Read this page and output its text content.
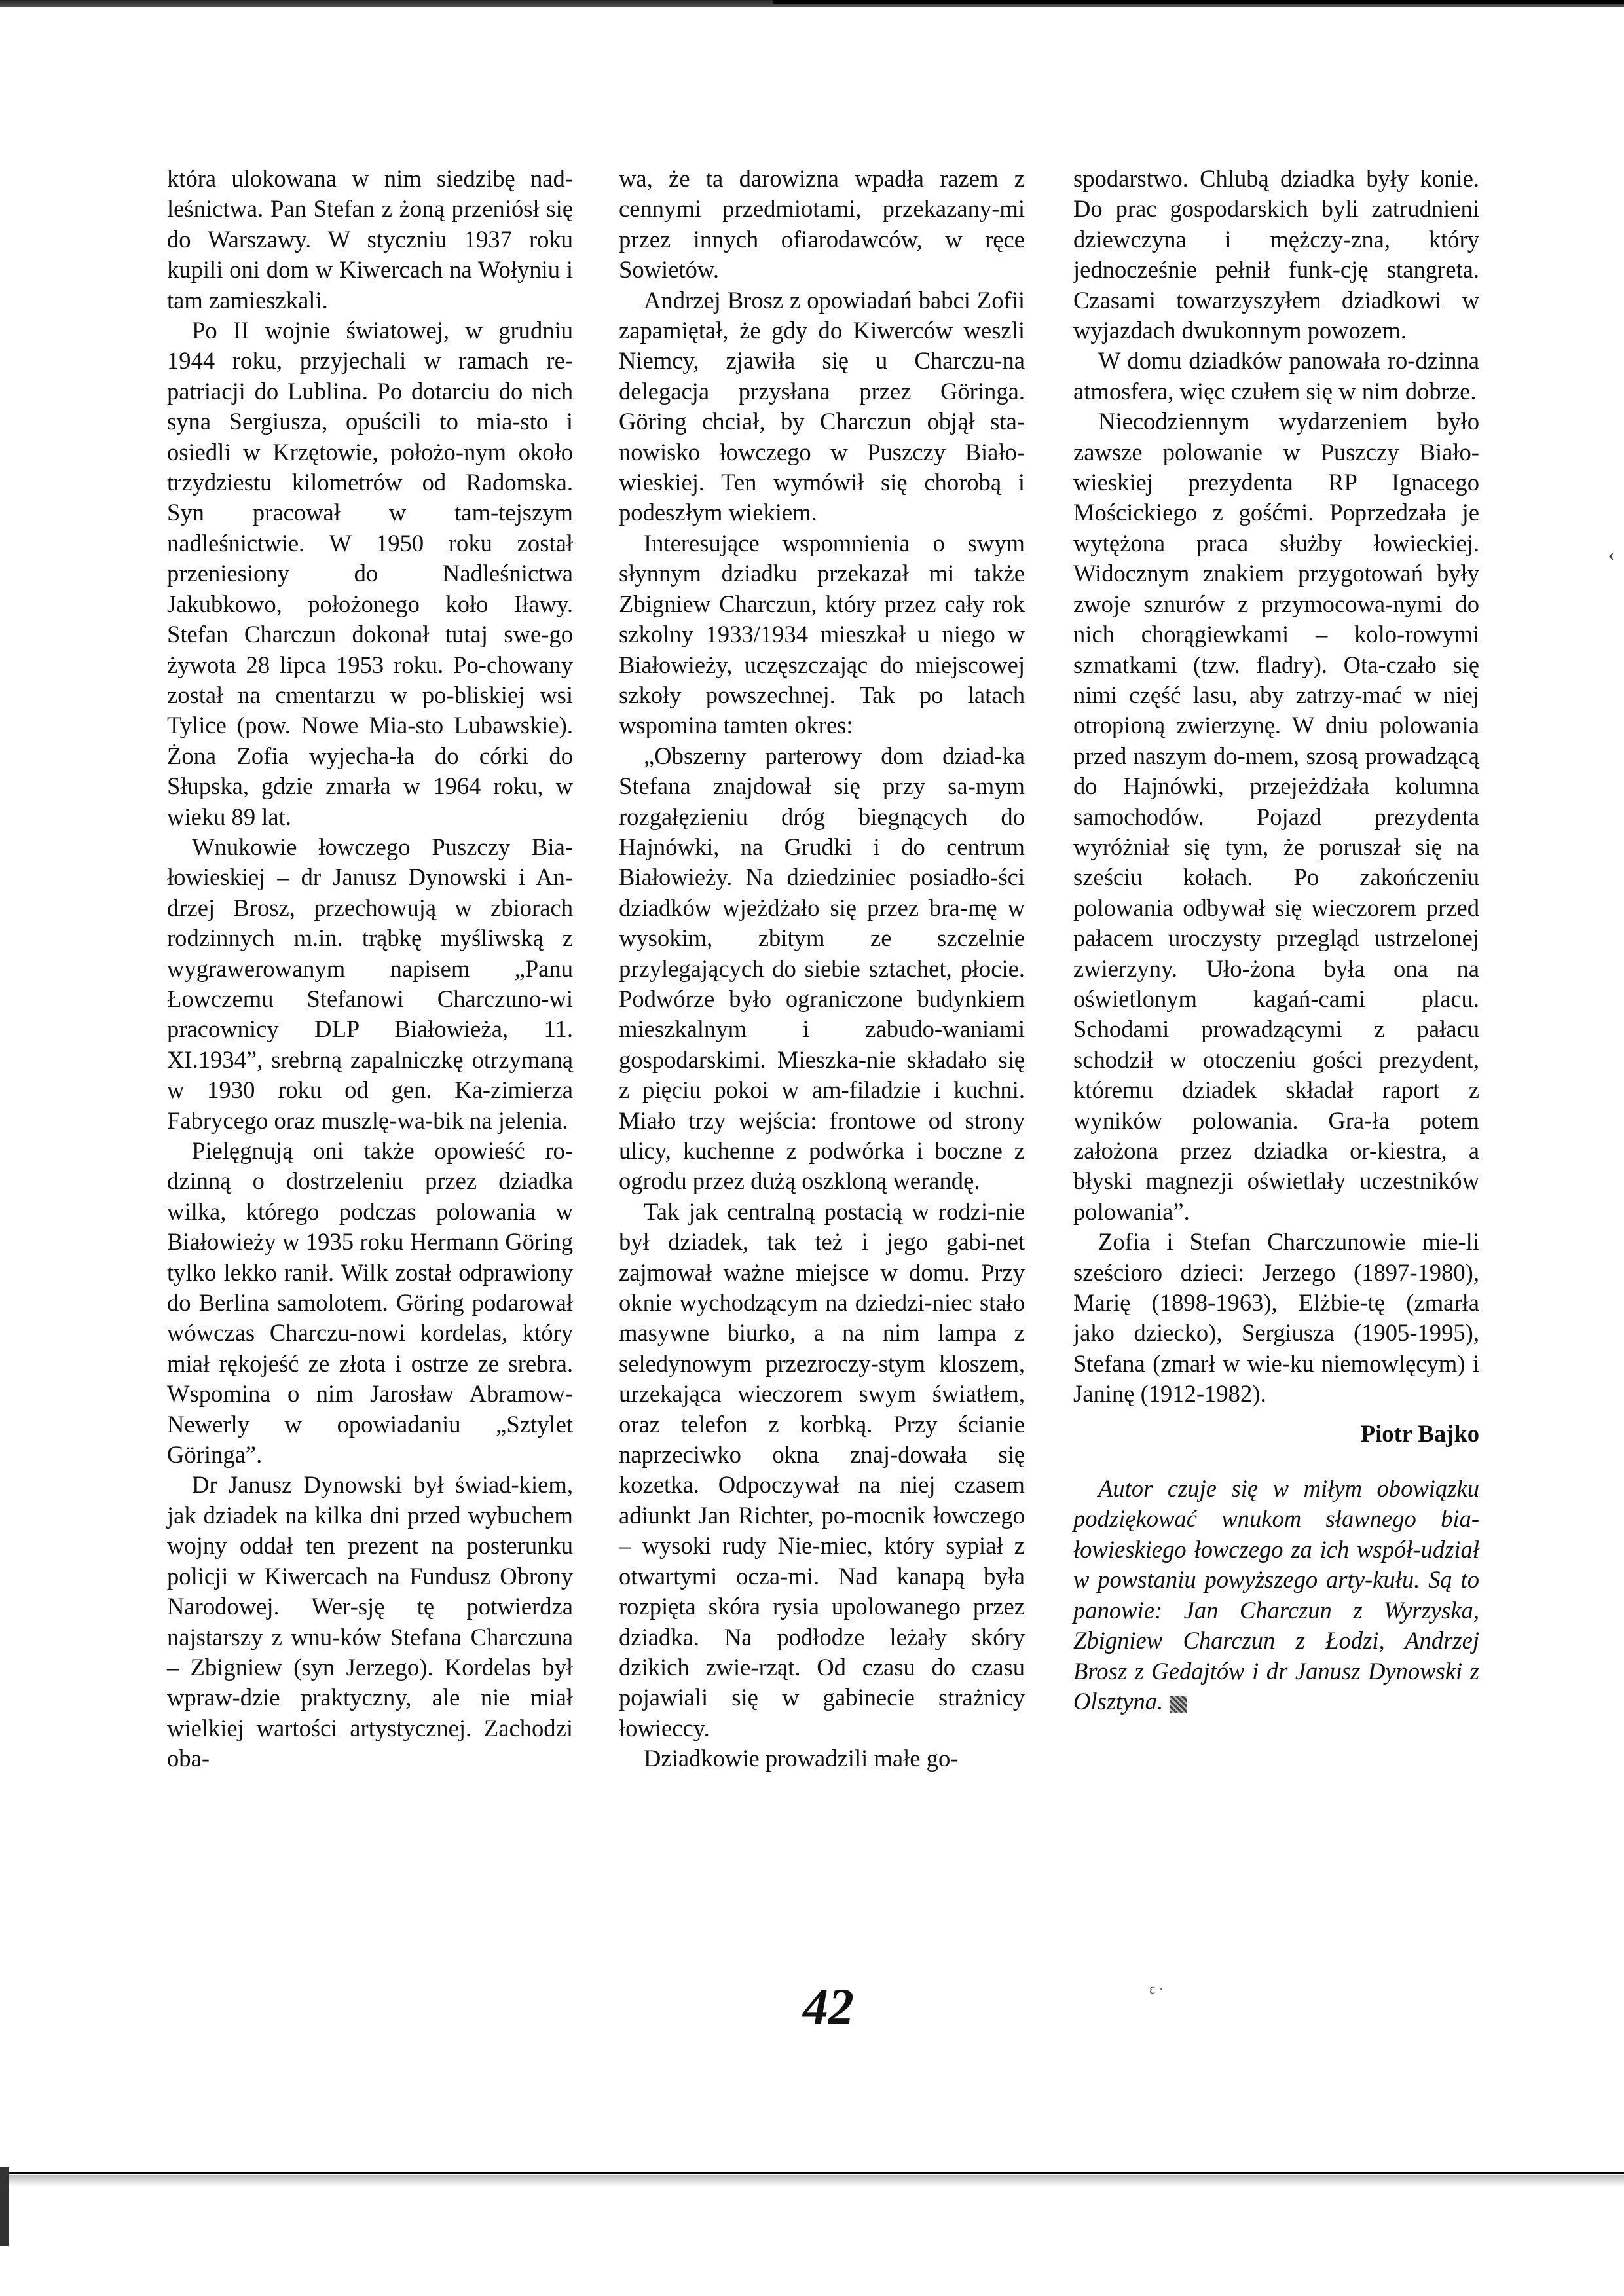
‹

która ulokowana w nim siedzibę nad-leśnictwa. Pan Stefan z żoną przeniósł się do Warszawy. W styczniu 1937 roku kupili oni dom w Kiwercach na Wołyniu i tam zamieszkali.

Po II wojnie światowej, w grudniu 1944 roku, przyjechali w ramach re-patriacji do Lublina. Po dotarciu do nich syna Sergiusza, opuścili to mia-sto i osiedli w Krzętowie, położo-nym około trzydziestu kilometrów od Radomska. Syn pracował w tam-tejszym nadleśnictwie. W 1950 roku został przeniesiony do Nadleśnictwa Jakubkowo, położonego koło Iławy. Stefan Charczun dokonał tutaj swe-go żywota 28 lipca 1953 roku. Po-chowany został na cmentarzu w po-bliskiej wsi Tylice (pow. Nowe Mia-sto Lubawskie). Żona Zofia wyjecha-ła do córki do Słupska, gdzie zmarła w 1964 roku, w wieku 89 lat.

Wnukowie łowczego Puszczy Bia-łowieskiej – dr Janusz Dynowski i An-drzej Brosz, przechowują w zbiorach rodzinnych m.in. trąbkę myśliwską z wygrawerowanym napisem „Panu Łowczemu Stefanowi Charczuno-wi pracownicy DLP Białowieża, 11. XI.1934”, srebrną zapalniczkę otrzymaną w 1930 roku od gen. Ka-zimierza Fabrycego oraz muszlę-wa-bik na jelenia.

Pielęgnują oni także opowieść ro-dzinną o dostrzeleniu przez dziadka wilka, którego podczas polowania w Białowieży w 1935 roku Hermann Göring tylko lekko ranił. Wilk został odprawiony do Berlina samolotem. Göring podarował wówczas Charczu-nowi kordelas, który miał rękojeść ze złota i ostrze ze srebra. Wspomina o nim Jarosław Abramow-Newerly w opowiadaniu „Sztylet Göringa”.

Dr Janusz Dynowski był świad-kiem, jak dziadek na kilka dni przed wybuchem wojny oddał ten prezent na posterunku policji w Kiwercach na Fundusz Obrony Narodowej. Wer-sję tę potwierdza najstarszy z wnu-ków Stefana Charczuna – Zbigniew (syn Jerzego). Kordelas był wpraw-dzie praktyczny, ale nie miał wielkiej wartości artystycznej. Zachodzi oba-

wa, że ta darowizna wpadła razem z cennymi przedmiotami, przekazany-mi przez innych ofiarodawców, w ręce Sowietów.

Andrzej Brosz z opowiadań babci Zofii zapamiętał, że gdy do Kiwerców weszli Niemcy, zjawiła się u Charczu-na delegacja przysłana przez Göringa. Göring chciał, by Charczun objął sta-nowisko łowczego w Puszczy Biało-wieskiej. Ten wymówił się chorobą i podeszłym wiekiem.

Interesujące wspomnienia o swym słynnym dziadku przekazał mi także Zbigniew Charczun, który przez cały rok szkolny 1933/1934 mieszkał u niego w Białowieży, uczęszczając do miejscowej szkoły powszechnej. Tak po latach wspomina tamten okres:

„Obszerny parterowy dom dziad-ka Stefana znajdował się przy sa-mym rozgałęzieniu dróg biegnących do Hajnówki, na Grudki i do centrum Białowieży. Na dziedziniec posiadło-ści dziadków wjeżdżało się przez bra-mę w wysokim, zbitym ze szczelnie przylegających do siebie sztachet, płocie. Podwórze było ograniczone budynkiem mieszkalnym i zabudo-waniami gospodarskimi. Mieszka-nie składało się z pięciu pokoi w am-filadzie i kuchni. Miało trzy wejścia: frontowe od strony ulicy, kuchenne z podwórka i boczne z ogrodu przez dużą oszkloną werandę.

Tak jak centralną postacią w rodzi-nie był dziadek, tak też i jego gabi-net zajmował ważne miejsce w domu. Przy oknie wychodzącym na dziedzi-niec stało masywne biurko, a na nim lampa z seledynowym przezroczy-stym kloszem, urzekająca wieczorem swym światłem, oraz telefon z korbką. Przy ścianie naprzeciwko okna znaj-dowała się kozetka. Odpoczywał na niej czasem adiunkt Jan Richter, po-mocnik łowczego – wysoki rudy Nie-miec, który sypiał z otwartymi ocza-mi. Nad kanapą była rozpięta skóra rysia upolowanego przez dziadka. Na podłodze leżały skóry dzikich zwie-rząt. Od czasu do czasu pojawiali się w gabinecie strażnicy łowieccy.

Dziadkowie prowadzili małe go-

spodarstwo. Chlubą dziadka były konie. Do prac gospodarskich byli zatrudnieni dziewczyna i mężczy-zna, który jednocześnie pełnił funk-cję stangreta. Czasami towarzyszyłem dziadkowi w wyjazdach dwukonnym powozem.

W domu dziadków panowała ro-dzinna atmosfera, więc czułem się w nim dobrze.

Niecodziennym wydarzeniem było zawsze polowanie w Puszczy Biało-wieskiej prezydenta RP Ignacego Mościckiego z gośćmi. Poprzedzała je wytężona praca służby łowieckiej. Widocznym znakiem przygotowań były zwoje sznurów z przymocowa-nymi do nich chorągiewkami – kolo-rowymi szmatkami (tzw. fladry). Ota-czało się nimi część lasu, aby zatrzy-mać w niej otropioną zwierzynę. W dniu polowania przed naszym do-mem, szosą prowadzącą do Hajnówki, przejeżdżała kolumna samochodów. Pojazd prezydenta wyróżniał się tym, że poruszał się na sześciu kołach. Po zakończeniu polowania odbywał się wieczorem przed pałacem uroczysty przegląd ustrzelonej zwierzyny. Uło-żona była ona na oświetlonym kagań-cami placu. Schodami prowadzącymi z pałacu schodził w otoczeniu gości prezydent, któremu dziadek składał raport z wyników polowania. Gra-ła potem założona przez dziadka or-kiestra, a błyski magnezji oświetlały uczestników polowania”.

Zofia i Stefan Charczunowie mie-li sześcioro dzieci: Jerzego (1897-1980), Marię (1898-1963), Elżbie-tę (zmarła jako dziecko), Sergiusza (1905-1995), Stefana (zmarł w wie-ku niemowlęcym) i Janinę (1912-1982).

Piotr Bajko

Autor czuje się w miłym obowiązku podziękować wnukom sławnego bia-łowieskiego łowczego za ich współ-udział w powstaniu powyższego arty-kułu. Są to panowie: Jan Charczun z Wyrzyska, Zbigniew Charczun z Łodzi, Andrzej Brosz z Gedajtów i dr Janusz Dynowski z Olsztyna.

42	ε ·
